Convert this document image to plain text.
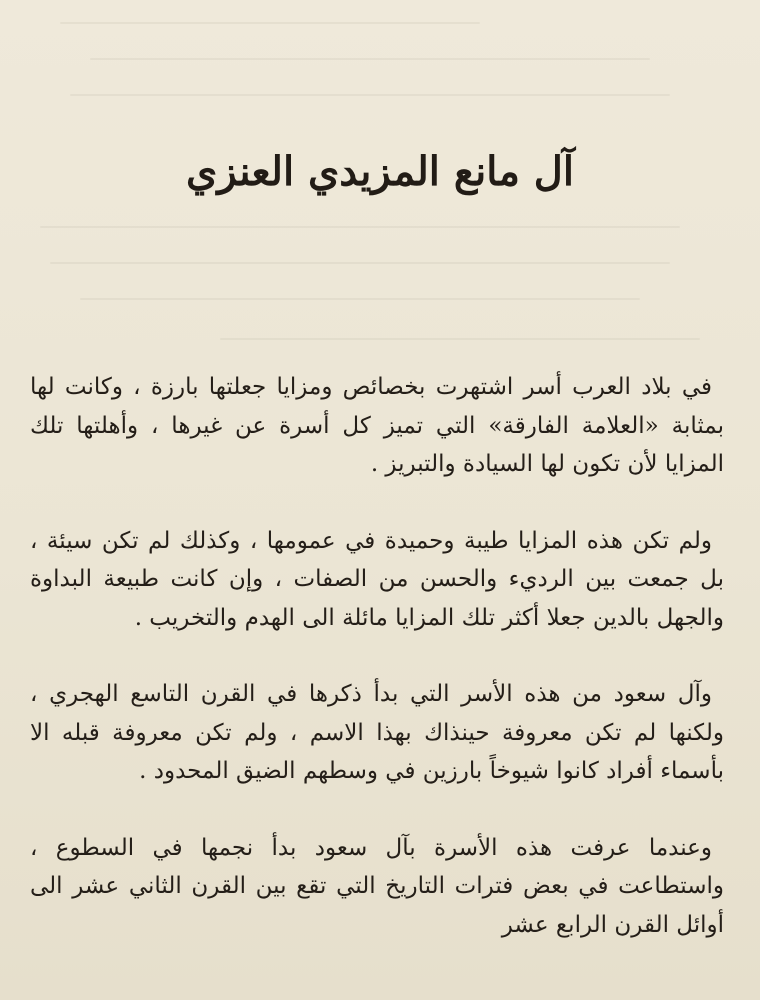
آل مانع المزيدي العنزي

في بلاد العرب أسر اشتهرت بخصائص ومزايا جعلتها بارزة ، وكانت لها بمثابة «العلامة الفارقة» التي تميز كل أسرة عن غيرها ، وأهلتها تلك المزايا لأن تكون لها السيادة والتبريز .

ولم تكن هذه المزايا طيبة وحميدة في عمومها ، وكذلك لم تكن سيئة ، بل جمعت بين الرديء والحسن من الصفات ، وإن كانت طبيعة البداوة والجهل بالدين جعلا أكثر تلك المزايا مائلة الى الهدم والتخريب .

وآل سعود من هذه الأسر التي بدأ ذكرها في القرن التاسع الهجري ، ولكنها لم تكن معروفة حينذاك بهذا الاسم ، ولم تكن معروفة قبله الا بأسماء أفراد كانوا شيوخاً بارزين في وسطهم الضيق المحدود .

وعندما عرفت هذه الأسرة بآل سعود بدأ نجمها في السطوع ، واستطاعت في بعض فترات التاريخ التي تقع بين القرن الثاني عشر الى أوائل القرن الرابع عشر
